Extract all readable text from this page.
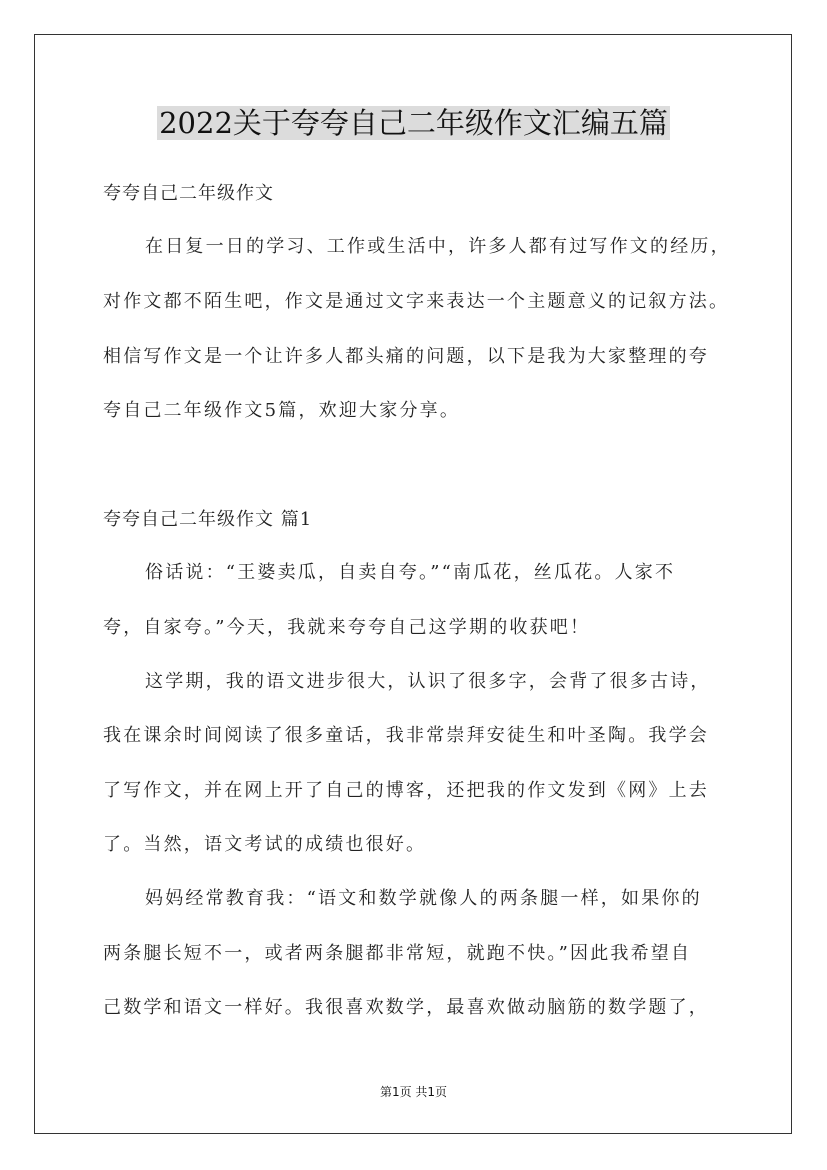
2022关于夸夸自己二年级作文汇编五篇
夸夸自己二年级作文
在日复一日的学习、工作或生活中，许多人都有过写作文的经历，
对作文都不陌生吧，作文是通过文字来表达一个主题意义的记叙方法。
相信写作文是一个让许多人都头痛的问题，以下是我为大家整理的夸
夸自己二年级作文5篇，欢迎大家分享。
夸夸自己二年级作文 篇1
俗话说：“王婆卖瓜，自卖自夸。”“南瓜花，丝瓜花。人家不
夸，自家夸。”今天，我就来夸夸自己这学期的收获吧！
这学期，我的语文进步很大，认识了很多字，会背了很多古诗，
我在课余时间阅读了很多童话，我非常崇拜安徒生和叶圣陶。我学会
了写作文，并在网上开了自己的博客，还把我的作文发到《网》上去
了。当然，语文考试的成绩也很好。
妈妈经常教育我：“语文和数学就像人的两条腿一样，如果你的
两条腿长短不一，或者两条腿都非常短，就跑不快。”因此我希望自
己数学和语文一样好。我很喜欢数学，最喜欢做动脑筋的数学题了，
第1页 共1页
